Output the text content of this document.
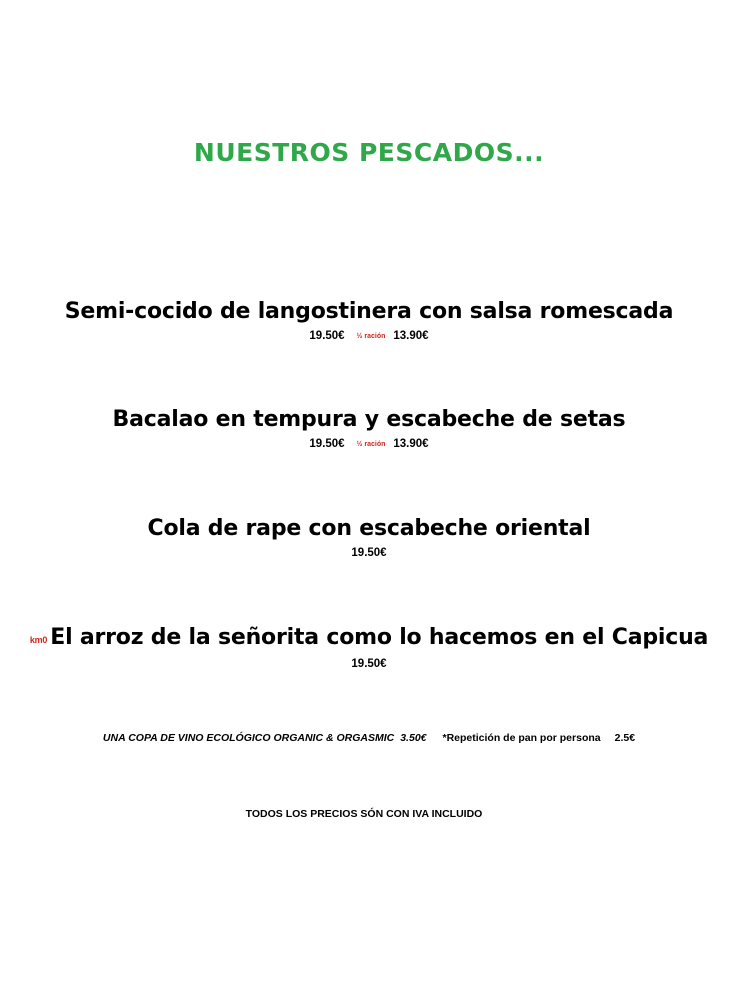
NUESTROS PESCADOS...
Semi-cocido de langostinera con salsa romescada
19.50€ ½ ración 13.90€
Bacalao en tempura y escabeche de setas
19.50€ ½ ración 13.90€
Cola de rape con escabeche oriental
19.50€
km0 El arroz de la señorita como lo hacemos en el Capicua
19.50€
UNA COPA DE VINO ECOLÓGICO ORGANIC & ORGASMIC 3.50€ *Repetición de pan por persona 2.5€
TODOS LOS PRECIOS SÓN CON IVA INCLUIDO
